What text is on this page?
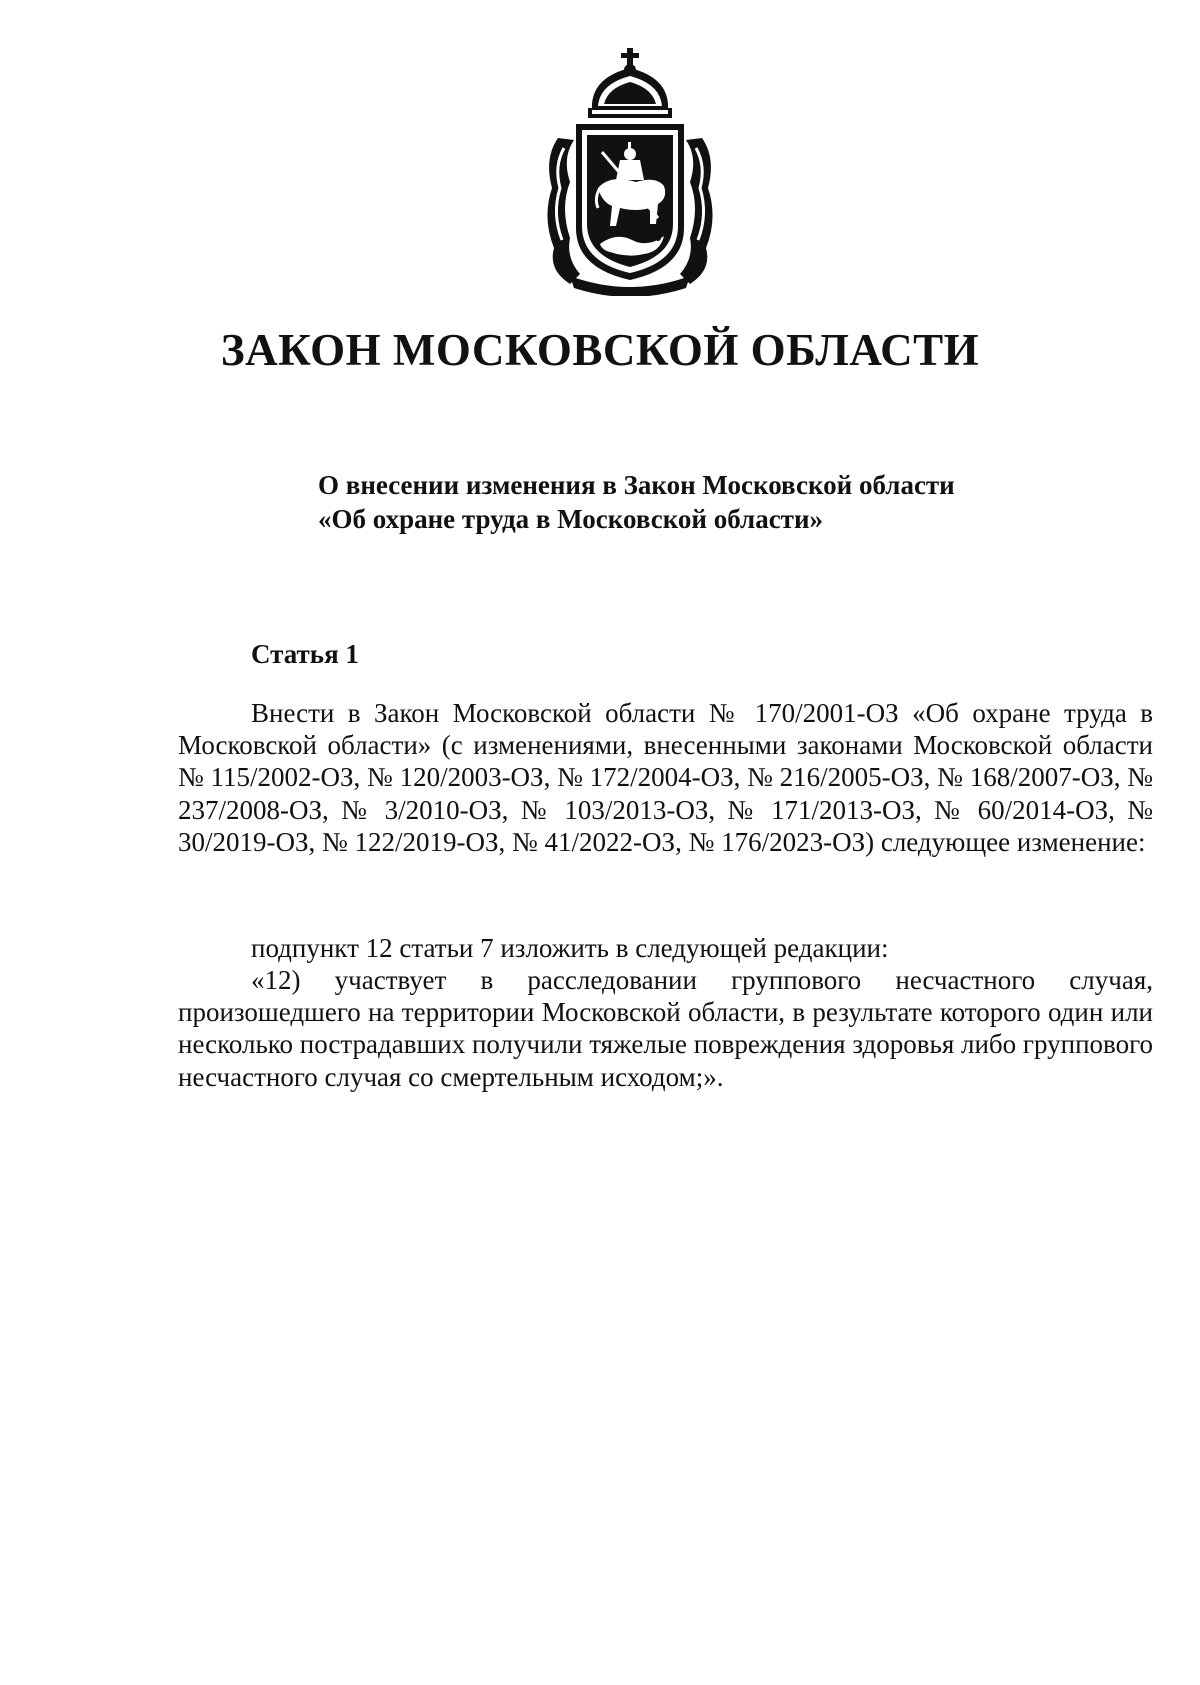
ЗАКОН МОСКОВСКОЙ ОБЛАСТИ
О внесении изменения в Закон Московской области
«Об охране труда в Московской области»
Статья 1

Внести в Закон Московской области № 170/2001-ОЗ «Об охране труда в Московской области» (с изменениями, внесенными законами Московской области № 115/2002-ОЗ, № 120/2003-ОЗ, № 172/2004-ОЗ, № 216/2005-ОЗ, № 168/2007-ОЗ, № 237/2008-ОЗ, № 3/2010-ОЗ, № 103/2013-ОЗ, № 171/2013-ОЗ, № 60/2014-ОЗ, № 30/2019-ОЗ, № 122/2019-ОЗ, № 41/2022-ОЗ, № 176/2023-ОЗ) следующее изменение:

подпункт 12 статьи 7 изложить в следующей редакции:

«12) участвует в расследовании группового несчастного случая, произошедшего на территории Московской области, в результате которого один или несколько пострадавших получили тяжелые повреждения здоровья либо группового несчастного случая со смертельным исходом;».
